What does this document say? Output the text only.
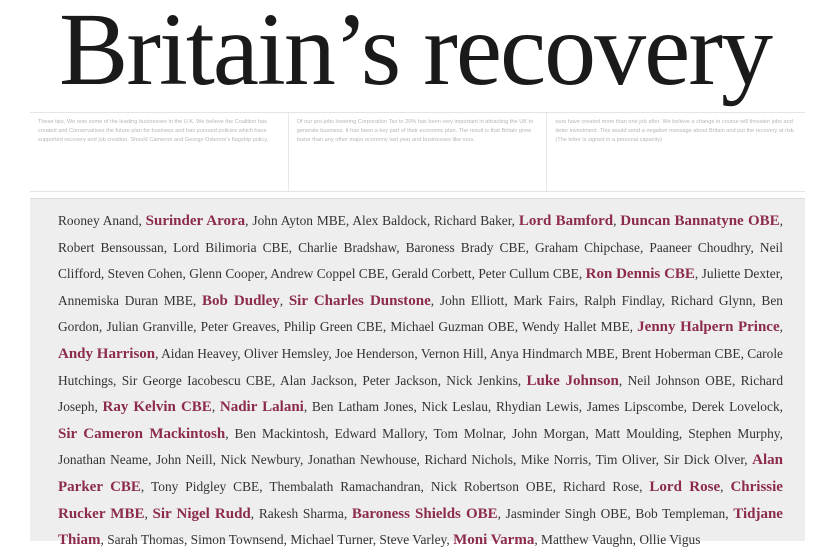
Britain’s recovery
These tips, We now some of the leading businesses in the U.K. We believe the Coalition has created and Conservatives the future plan for business and has pursued policies which have supported recovery and job creation. Should Cameron and George Osborne's flagship policy.
Of our pro-jobs lowering Corporation Tax to 20% has been very important in attracting the UK to generate business. It has been a key part of their economic plan. The result is that Britain grew faster than any other major economy last year and businesses like ours.
ours have created more than one job after. We believe a change in course will threaten jobs and deter investment. This would send a negative message about Britain and put the recovery at risk. (The letter is signed in a personal capacity)

Rooney Anand, Surinder Arora, John Ayton MBE, Alex Baldock, Richard Baker, Lord Bamford, Duncan Bannatyne OBE, Robert Bensoussan, Lord Bilimoria CBE, Charlie Bradshaw, Baroness Brady CBE, Graham Chipchase, Paaneer Choudhry, Neil Clifford, Steven Cohen, Glenn Cooper, Andrew Coppel CBE, Gerald Corbett, Peter Cullum CBE, Ron Dennis CBE, Juliette Dexter, Annemiska Duran MBE, Bob Dudley, Sir Charles Dunstone, John Elliott, Mark Fairs, Ralph Findlay, Richard Glynn, Ben Gordon, Julian Granville, Peter Greaves, Philip Green CBE, Michael Guzman OBE, Wendy Hallet MBE, Jenny Halpern Prince, Andy Harrison, Aidan Heavey, Oliver Hemsley, Joe Henderson, Vernon Hill, Anya Hindmarch MBE, Brent Hoberman CBE, Carole Hutchings, Sir George Iacobescu CBE, Alan Jackson, Peter Jackson, Nick Jenkins, Luke Johnson, Neil Johnson OBE, Richard Joseph, Ray Kelvin CBE, Nadir Lalani, Ben Latham Jones, Nick Leslau, Rhydian Lewis, James Lipscombe, Derek Lovelock, Sir Cameron Mackintosh, Ben Mackintosh, Edward Mallory, Tom Molnar, John Morgan, Matt Moulding, Stephen Murphy, Jonathan Neame, John Neill, Nick Newbury, Jonathan Newhouse, Richard Nichols, Mike Norris, Tim Oliver, Sir Dick Olver, Alan Parker CBE, Tony Pidgley CBE, Thembalath Ramachandran, Nick Robertson OBE, Richard Rose, Lord Rose, Chrissie Rucker MBE, Sir Nigel Rudd, Rakesh Sharma, Baroness Shields OBE, Jasminder Singh OBE, Bob Templeman, Tidjane Thiam, Sarah Thomas, Simon Townsend, Michael Turner, Steve Varley, Moni Varma, Matthew Vaughn, Ollie Vigus
